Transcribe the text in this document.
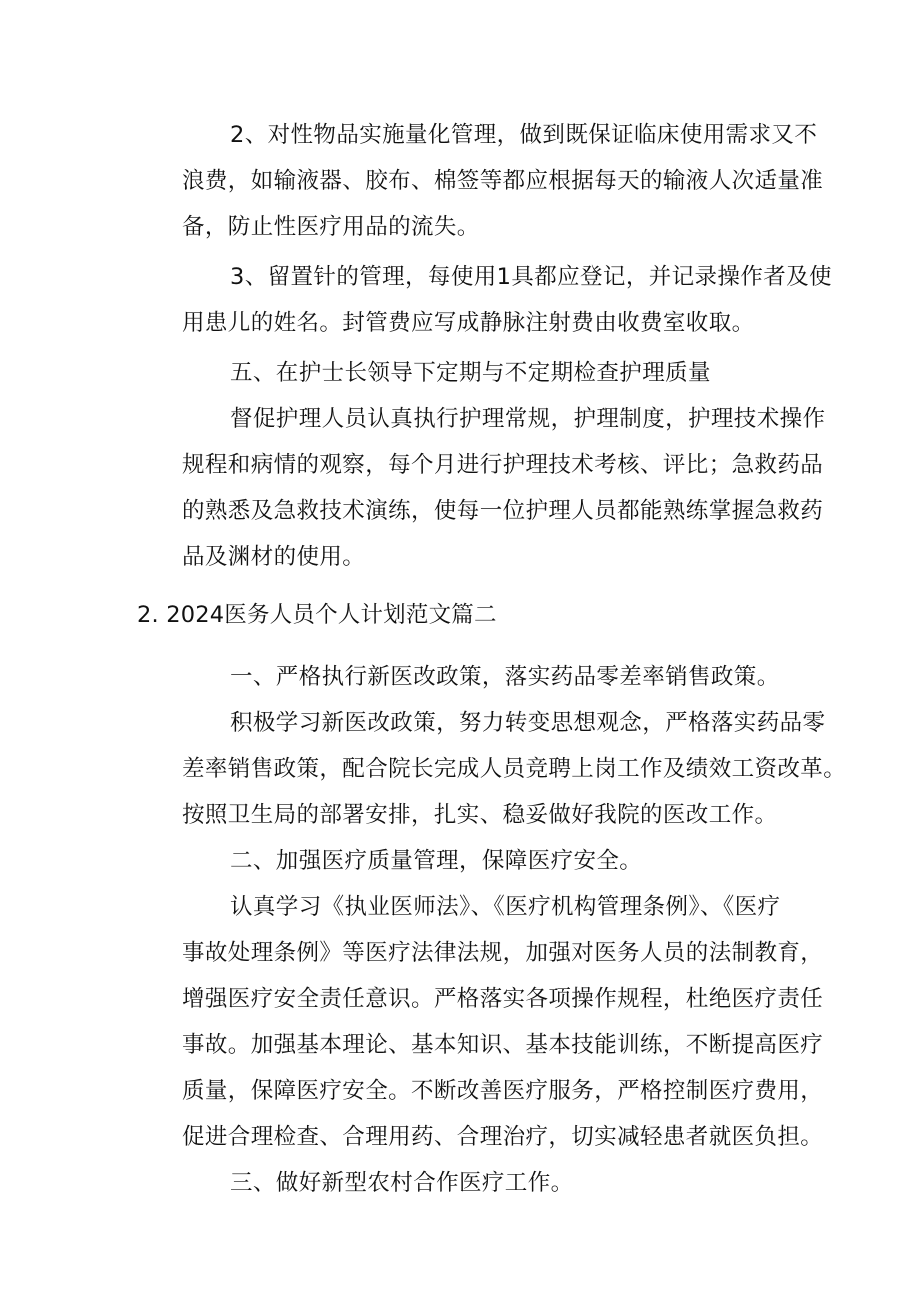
2、对性物品实施量化管理，做到既保证临床使用需求又不
浪费，如输液器、胶布、棉签等都应根据每天的输液人次适量准
备，防止性医疗用品的流失。
3、留置针的管理，每使用1具都应登记，并记录操作者及使
用患儿的姓名。封管费应写成静脉注射费由收费室收取。
五、在护士长领导下定期与不定期检查护理质量
督促护理人员认真执行护理常规，护理制度，护理技术操作
规程和病情的观察，每个月进行护理技术考核、评比；急救药品
的熟悉及急救技术演练，使每一位护理人员都能熟练掌握急救药
品及渊材的使用。
2. 2024医务人员个人计划范文篇二
一、严格执行新医改政策，落实药品零差率销售政策。
积极学习新医改政策，努力转变思想观念，严格落实药品零
差率销售政策，配合院长完成人员竞聘上岗工作及绩效工资改革。
按照卫生局的部署安排，扎实、稳妥做好我院的医改工作。
二、加强医疗质量管理，保障医疗安全。
认真学习《执业医师法》、《医疗机构管理条例》、《医疗
事故处理条例》等医疗法律法规，加强对医务人员的法制教育，
增强医疗安全责任意识。严格落实各项操作规程，杜绝医疗责任
事故。加强基本理论、基本知识、基本技能训练，不断提高医疗
质量，保障医疗安全。不断改善医疗服务，严格控制医疗费用，
促进合理检查、合理用药、合理治疗，切实减轻患者就医负担。
三、做好新型农村合作医疗工作。
